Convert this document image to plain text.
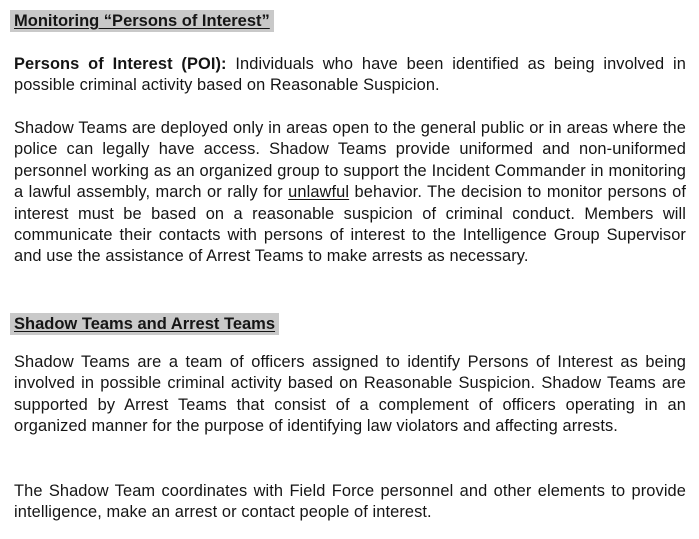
Monitoring “Persons of Interest”

Persons of Interest (POI): Individuals who have been identified as being involved in possible criminal activity based on Reasonable Suspicion.

Shadow Teams are deployed only in areas open to the general public or in areas where the police can legally have access. Shadow Teams provide uniformed and non-uniformed personnel working as an organized group to support the Incident Commander in monitoring a lawful assembly, march or rally for unlawful behavior. The decision to monitor persons of interest must be based on a reasonable suspicion of criminal conduct. Members will communicate their contacts with persons of interest to the Intelligence Group Supervisor and use the assistance of Arrest Teams to make arrests as necessary.

Shadow Teams and Arrest Teams

Shadow Teams are a team of officers assigned to identify Persons of Interest as being involved in possible criminal activity based on Reasonable Suspicion. Shadow Teams are supported by Arrest Teams that consist of a complement of officers operating in an organized manner for the purpose of identifying law violators and affecting arrests.

The Shadow Team coordinates with Field Force personnel and other elements to provide intelligence, make an arrest or contact people of interest.
